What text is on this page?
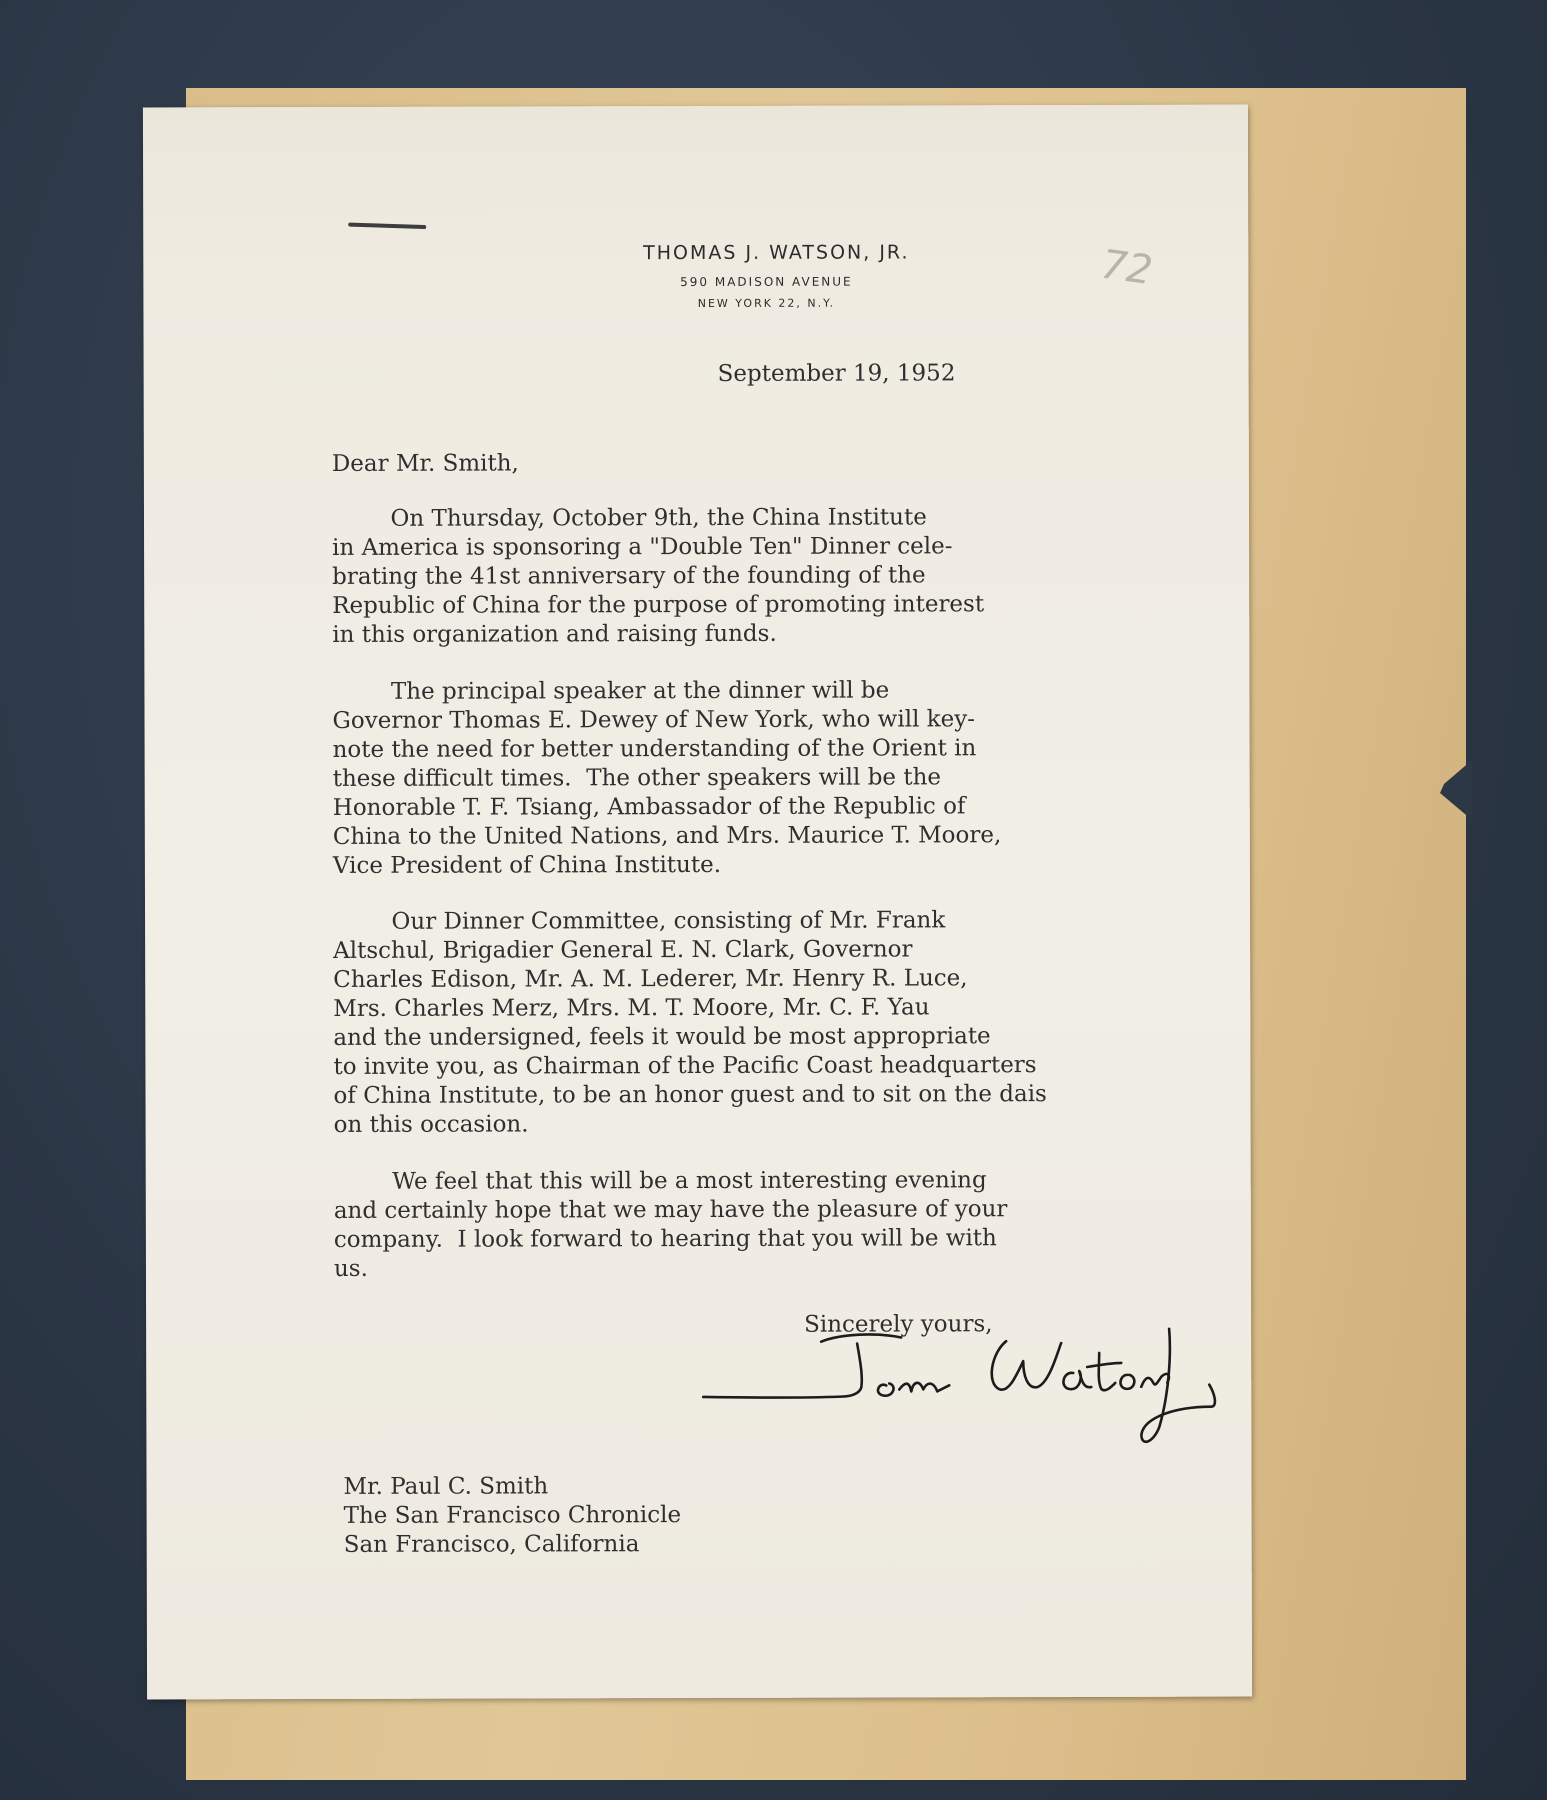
72
THOMAS J. WATSON, JR.
590 MADISON AVENUE
NEW YORK 22, N.Y.
September 19, 1952
Dear Mr. Smith,
On Thursday, October 9th, the China Institute
in America is sponsoring a "Double Ten" Dinner cele-
brating the 41st anniversary of the founding of the
Republic of China for the purpose of promoting interest
in this organization and raising funds.
The principal speaker at the dinner will be
Governor Thomas E. Dewey of New York, who will key-
note the need for better understanding of the Orient in
these difficult times.  The other speakers will be the
Honorable T. F. Tsiang, Ambassador of the Republic of
China to the United Nations, and Mrs. Maurice T. Moore,
Vice President of China Institute.
Our Dinner Committee, consisting of Mr. Frank
Altschul, Brigadier General E. N. Clark, Governor
Charles Edison, Mr. A. M. Lederer, Mr. Henry R. Luce,
Mrs. Charles Merz, Mrs. M. T. Moore, Mr. C. F. Yau
and the undersigned, feels it would be most appropriate
to invite you, as Chairman of the Pacific Coast headquarters
of China Institute, to be an honor guest and to sit on the dais
on this occasion.
We feel that this will be a most interesting evening
and certainly hope that we may have the pleasure of your
company.  I look forward to hearing that you will be with
us.
Sincerely yours,
Mr. Paul C. Smith
The San Francisco Chronicle
San Francisco, California
